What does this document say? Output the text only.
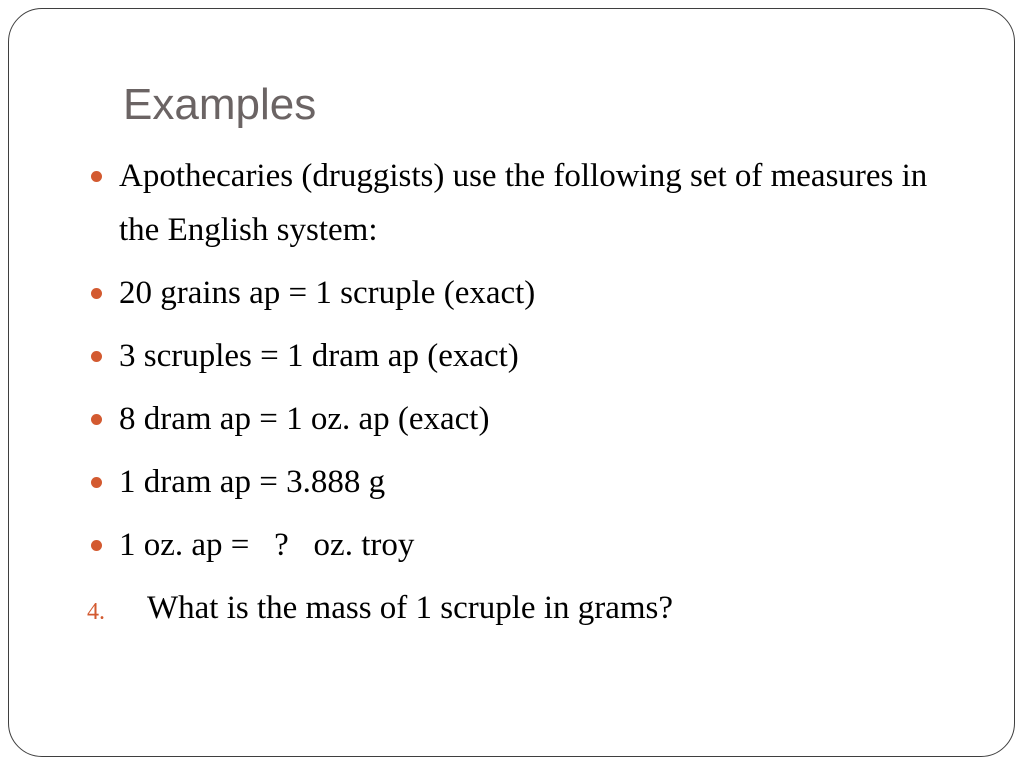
Examples
Apothecaries (druggists) use the following set of measures in the English system:
20 grains ap = 1 scruple (exact)
3 scruples = 1 dram ap (exact)
8 dram ap = 1 oz. ap (exact)
1 dram ap = 3.888 g
1 oz. ap =   ?   oz. troy
4. What is the mass of 1 scruple in grams?
